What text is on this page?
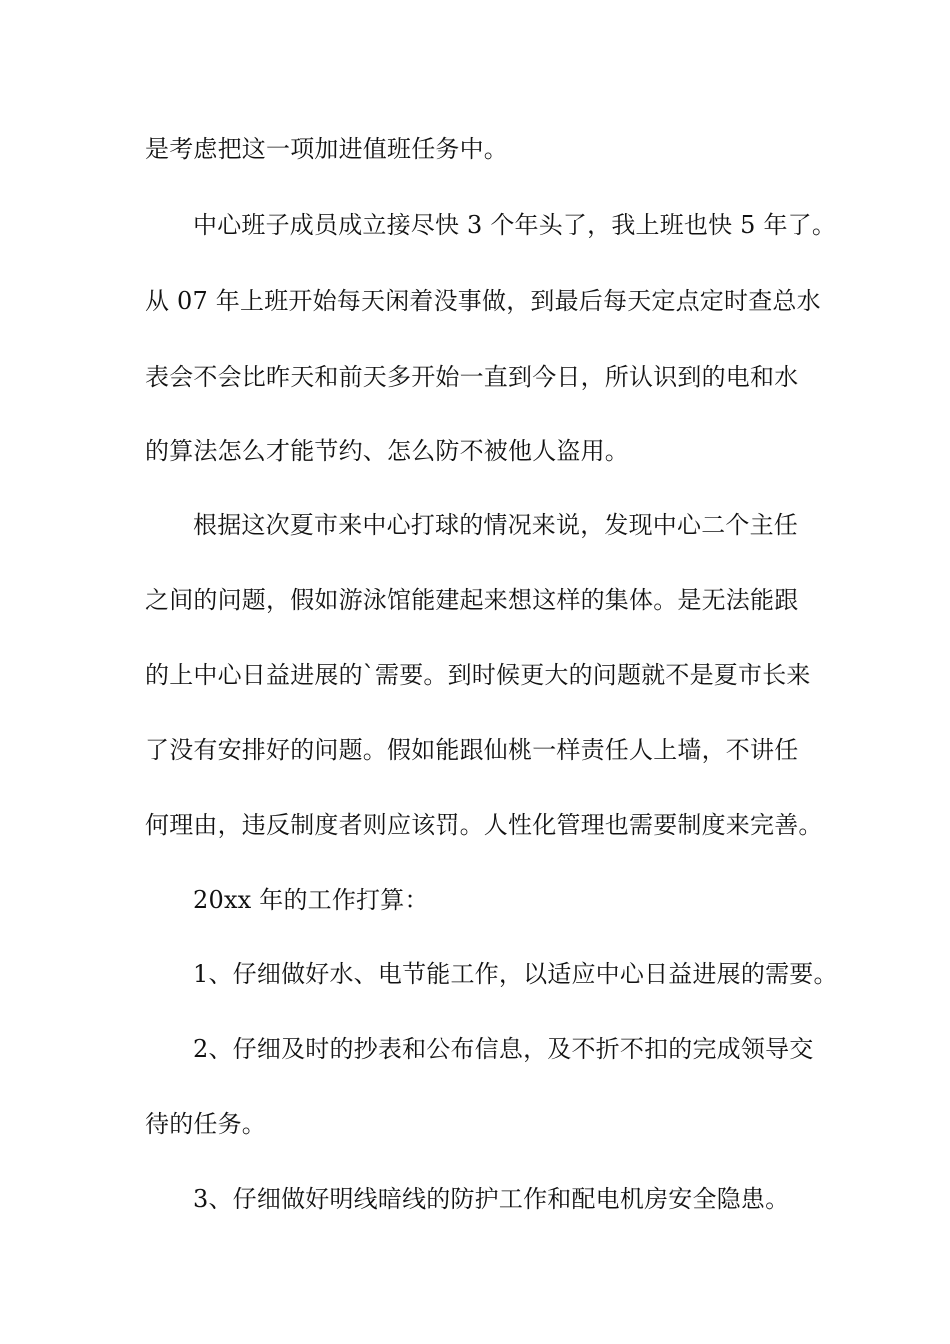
是考虑把这一项加进值班任务中。
中心班子成员成立接尽快 3 个年头了，我上班也快 5 年了。
从 07 年上班开始每天闲着没事做，到最后每天定点定时查总水
表会不会比昨天和前天多开始一直到今日，所认识到的电和水
的算法怎么才能节约、怎么防不被他人盗用。
根据这次夏市来中心打球的情况来说，发现中心二个主任
之间的问题，假如游泳馆能建起来想这样的集体。是无法能跟
的上中心日益进展的`需要。到时候更大的问题就不是夏市长来
了没有安排好的问题。假如能跟仙桃一样责任人上墙，不讲任
何理由，违反制度者则应该罚。人性化管理也需要制度来完善。
20xx 年的工作打算：
1、仔细做好水、电节能工作，以适应中心日益进展的需要。
2、仔细及时的抄表和公布信息，及不折不扣的完成领导交
待的任务。
3、仔细做好明线暗线的防护工作和配电机房安全隐患。
